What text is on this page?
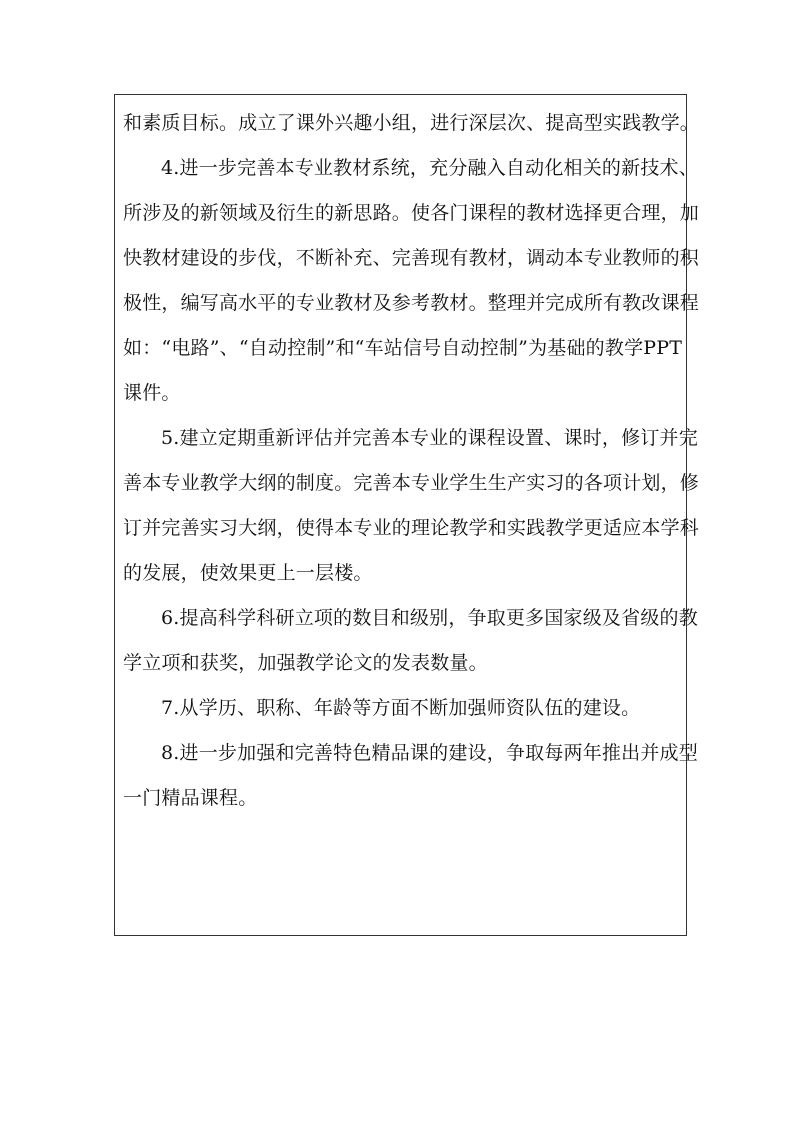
和素质目标。成立了课外兴趣小组，进行深层次、提高型实践教学。
4.进一步完善本专业教材系统，充分融入自动化相关的新技术、
所涉及的新领域及衍生的新思路。使各门课程的教材选择更合理，加
快教材建设的步伐，不断补充、完善现有教材，调动本专业教师的积
极性，编写高水平的专业教材及参考教材。整理并完成所有教改课程
如：“电路”、“自动控制”和“车站信号自动控制”为基础的教学PPT
课件。
5.建立定期重新评估并完善本专业的课程设置、课时，修订并完
善本专业教学大纲的制度。完善本专业学生生产实习的各项计划，修
订并完善实习大纲，使得本专业的理论教学和实践教学更适应本学科
的发展，使效果更上一层楼。
6.提高科学科研立项的数目和级别，争取更多国家级及省级的教
学立项和获奖，加强教学论文的发表数量。
7.从学历、职称、年龄等方面不断加强师资队伍的建设。
8.进一步加强和完善特色精品课的建设，争取每两年推出并成型
一门精品课程。
